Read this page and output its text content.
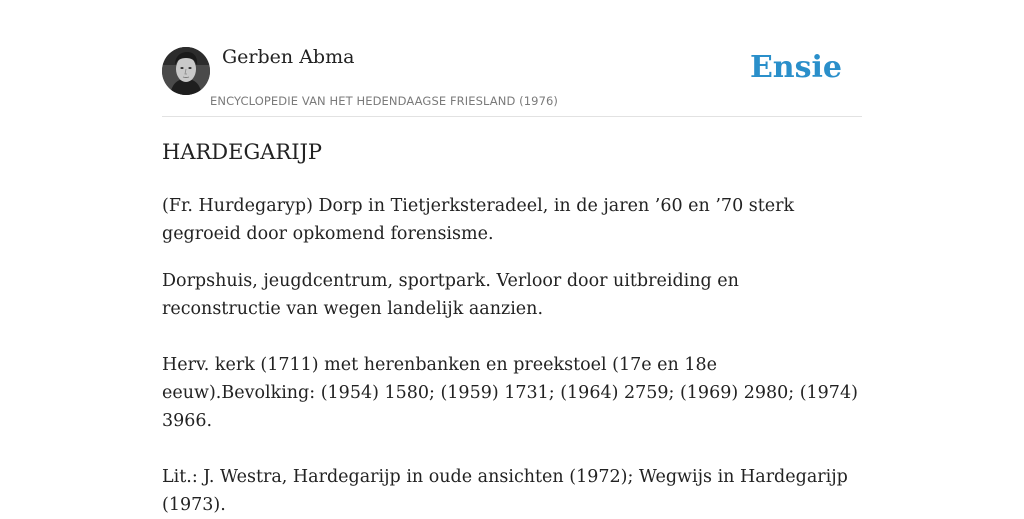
Gerben Abma
ENCYCLOPEDIE VAN HET HEDENDAAGSE FRIESLAND (1976)
Ensie
HARDEGARIJP

(Fr. Hurdegaryp) Dorp in Tietjerksteradeel, in de jaren ’60 en ’70 sterk gegroeid door opkomend forensisme.

Dorpshuis, jeugdcentrum, sportpark. Verloor door uitbreiding en reconstructie van wegen landelijk aanzien.

Herv. kerk (1711) met herenbanken en preekstoel (17e en 18e eeuw).Bevolking: (1954) 1580; (1959) 1731; (1964) 2759; (1969) 2980; (1974) 3966.

Lit.: J. Westra, Hardegarijp in oude ansichten (1972); Wegwijs in Hardegarijp (1973).
